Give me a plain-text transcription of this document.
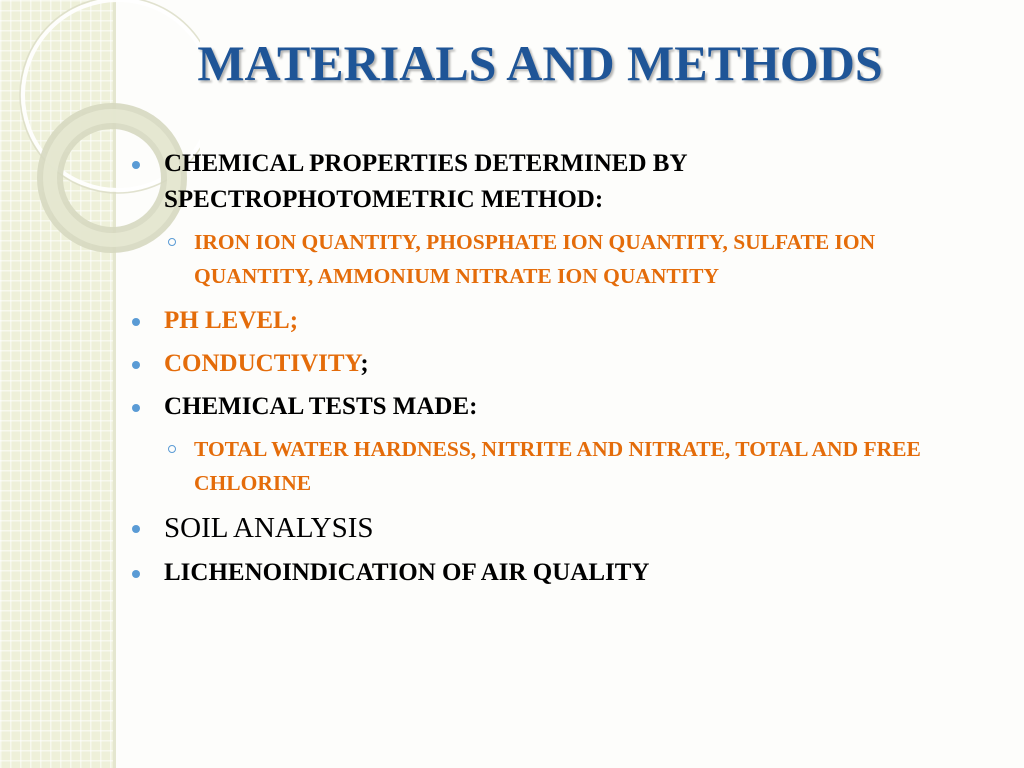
MATERIALS AND METHODS
CHEMICAL PROPERTIES DETERMINED BY SPECTROPHOTOMETRIC METHOD:
IRON ION QUANTITY, PHOSPHATE ION QUANTITY, SULFATE ION QUANTITY, AMMONIUM NITRATE ION QUANTITY
PH LEVEL;
CONDUCTIVITY;
CHEMICAL TESTS MADE:
TOTAL WATER HARDNESS, NITRITE AND NITRATE, TOTAL AND FREE CHLORINE
SOIL ANALYSIS
LICHENOINDICATION OF AIR QUALITY
